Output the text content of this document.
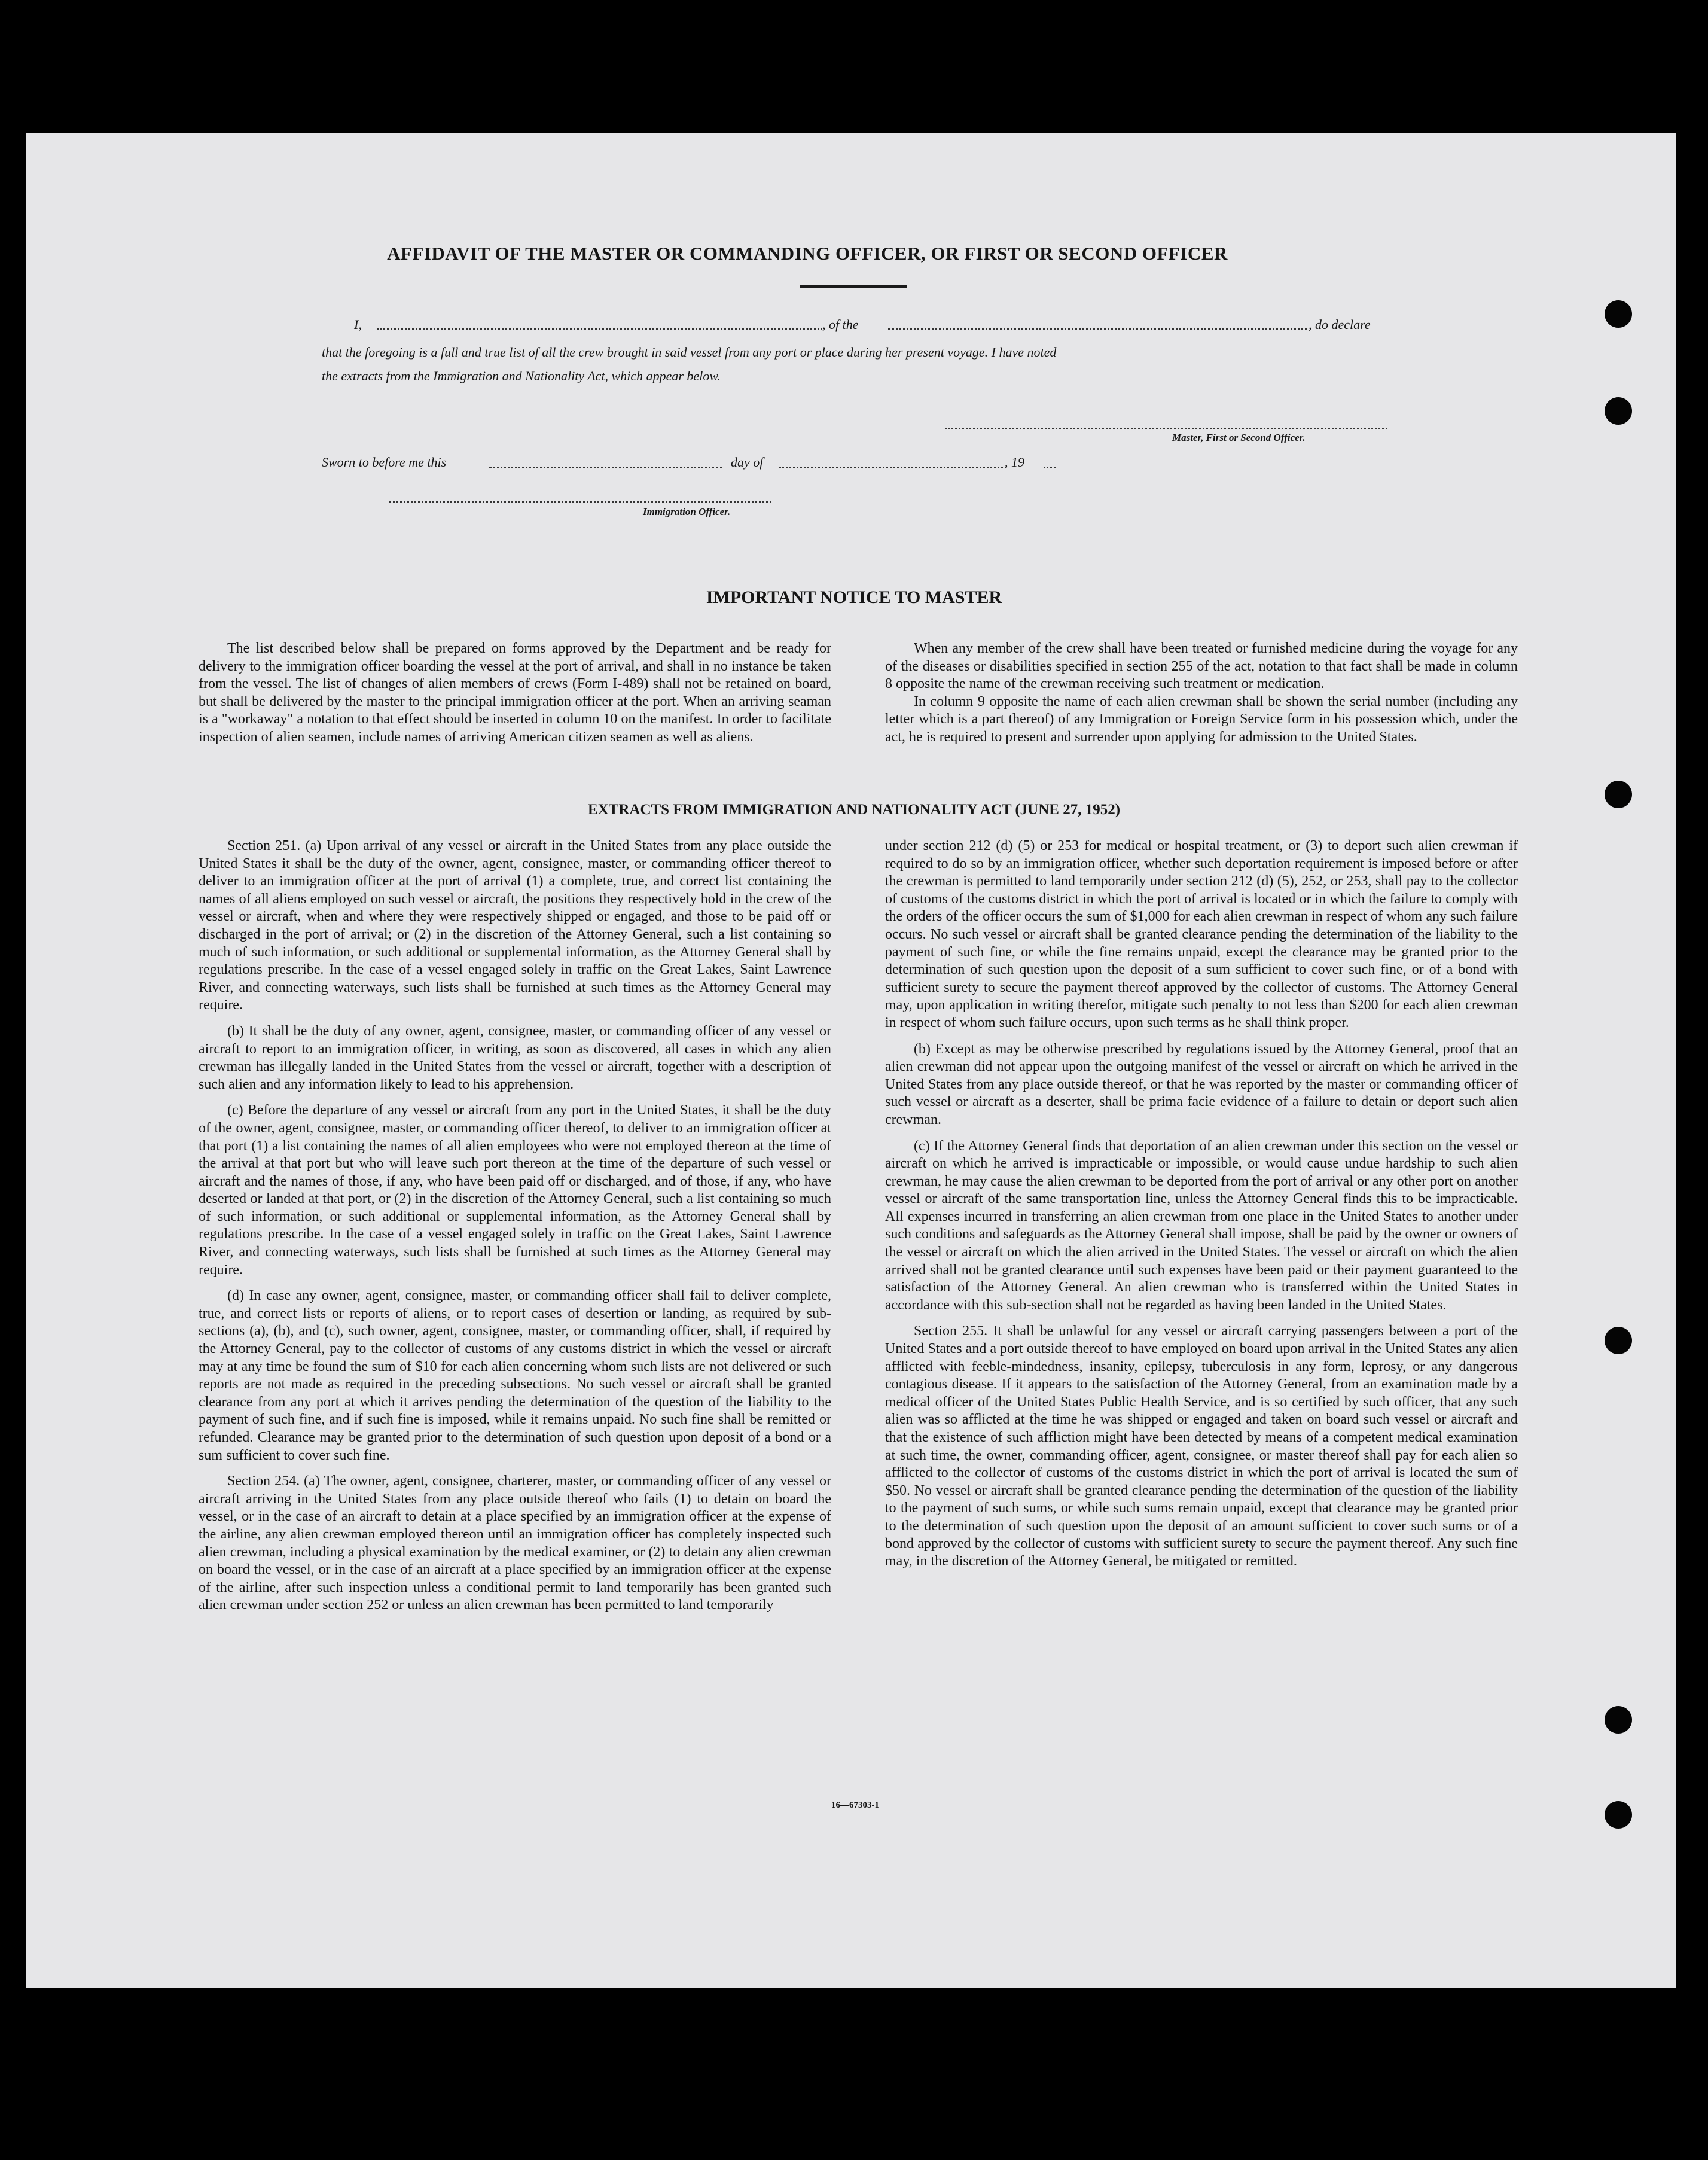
AFFIDAVIT OF THE MASTER OR COMMANDING OFFICER, OR FIRST OR SECOND OFFICER
I,	, of the	, do declare
that the foregoing is a full and true list of all the crew brought in said vessel from any port or place during her present voyage. I have noted
the extracts from the Immigration and Nationality Act, which appear below.
Master, First or Second Officer.
Sworn to before me this	day of	, 19
Immigration Officer.
IMPORTANT NOTICE TO MASTER

The list described below shall be prepared on forms approved by the Department and be ready for delivery to the immigration officer boarding the vessel at the port of arrival, and shall in no instance be taken from the vessel. The list of changes of alien members of crews (Form I-489) shall not be retained on board, but shall be delivered by the master to the principal immigration officer at the port. When an arriving seaman is a "workaway" a notation to that effect should be inserted in column 10 on the manifest. In order to facilitate inspection of alien seamen, include names of arriving American citizen seamen as well as aliens.

When any member of the crew shall have been treated or furnished medicine during the voyage for any of the diseases or disabilities specified in section 255 of the act, notation to that fact shall be made in column 8 opposite the name of the crewman receiving such treatment or medication.

In column 9 opposite the name of each alien crewman shall be shown the serial number (including any letter which is a part thereof) of any Immigration or Foreign Service form in his possession which, under the act, he is required to present and surrender upon applying for admission to the United States.

EXTRACTS FROM IMMIGRATION AND NATIONALITY ACT (JUNE 27, 1952)

Section 251. (a) Upon arrival of any vessel or aircraft in the United States from any place outside the United States it shall be the duty of the owner, agent, consignee, master, or commanding officer thereof to deliver to an immigration officer at the port of arrival (1) a complete, true, and correct list containing the names of all aliens employed on such vessel or aircraft, the positions they respectively hold in the crew of the vessel or aircraft, when and where they were respectively shipped or engaged, and those to be paid off or discharged in the port of arrival; or (2) in the discretion of the Attorney General, such a list containing so much of such information, or such additional or supplemental information, as the Attorney General shall by regulations prescribe. In the case of a vessel engaged solely in traffic on the Great Lakes, Saint Lawrence River, and connecting waterways, such lists shall be furnished at such times as the Attorney General may require.

(b) It shall be the duty of any owner, agent, consignee, master, or commanding officer of any vessel or aircraft to report to an immigration officer, in writing, as soon as discovered, all cases in which any alien crewman has illegally landed in the United States from the vessel or aircraft, together with a description of such alien and any information likely to lead to his apprehension.

(c) Before the departure of any vessel or aircraft from any port in the United States, it shall be the duty of the owner, agent, consignee, master, or commanding officer thereof, to deliver to an immigration officer at that port (1) a list containing the names of all alien employees who were not employed thereon at the time of the arrival at that port but who will leave such port thereon at the time of the departure of such vessel or aircraft and the names of those, if any, who have been paid off or discharged, and of those, if any, who have deserted or landed at that port, or (2) in the discretion of the Attorney General, such a list containing so much of such information, or such additional or supplemental information, as the Attorney General shall by regulations prescribe. In the case of a vessel engaged solely in traffic on the Great Lakes, Saint Lawrence River, and connecting waterways, such lists shall be furnished at such times as the Attorney General may require.

(d) In case any owner, agent, consignee, master, or commanding officer shall fail to deliver complete, true, and correct lists or reports of aliens, or to report cases of desertion or landing, as required by sub-sections (a), (b), and (c), such owner, agent, consignee, master, or commanding officer, shall, if required by the Attorney General, pay to the collector of customs of any customs district in which the vessel or aircraft may at any time be found the sum of $10 for each alien concerning whom such lists are not delivered or such reports are not made as required in the preceding subsections. No such vessel or aircraft shall be granted clearance from any port at which it arrives pending the determination of the question of the liability to the payment of such fine, and if such fine is imposed, while it remains unpaid. No such fine shall be remitted or refunded. Clearance may be granted prior to the determination of such question upon deposit of a bond or a sum sufficient to cover such fine.

Section 254. (a) The owner, agent, consignee, charterer, master, or commanding officer of any vessel or aircraft arriving in the United States from any place outside thereof who fails (1) to detain on board the vessel, or in the case of an aircraft to detain at a place specified by an immigration officer at the expense of the airline, any alien crewman employed thereon until an immigration officer has completely inspected such alien crewman, including a physical examination by the medical examiner, or (2) to detain any alien crewman on board the vessel, or in the case of an aircraft at a place specified by an immigration officer at the expense of the airline, after such inspection unless a conditional permit to land temporarily has been granted such alien crewman under section 252 or unless an alien crewman has been permitted to land temporarily

under section 212 (d) (5) or 253 for medical or hospital treatment, or (3) to deport such alien crewman if required to do so by an immigration officer, whether such deportation requirement is imposed before or after the crewman is permitted to land temporarily under section 212 (d) (5), 252, or 253, shall pay to the collector of customs of the customs district in which the port of arrival is located or in which the failure to comply with the orders of the officer occurs the sum of $1,000 for each alien crewman in respect of whom any such failure occurs. No such vessel or aircraft shall be granted clearance pending the determination of the liability to the payment of such fine, or while the fine remains unpaid, except the clearance may be granted prior to the determination of such question upon the deposit of a sum sufficient to cover such fine, or of a bond with sufficient surety to secure the payment thereof approved by the collector of customs. The Attorney General may, upon application in writing therefor, mitigate such penalty to not less than $200 for each alien crewman in respect of whom such failure occurs, upon such terms as he shall think proper.

(b) Except as may be otherwise prescribed by regulations issued by the Attorney General, proof that an alien crewman did not appear upon the outgoing manifest of the vessel or aircraft on which he arrived in the United States from any place outside thereof, or that he was reported by the master or commanding officer of such vessel or aircraft as a deserter, shall be prima facie evidence of a failure to detain or deport such alien crewman.

(c) If the Attorney General finds that deportation of an alien crewman under this section on the vessel or aircraft on which he arrived is impracticable or impossible, or would cause undue hardship to such alien crewman, he may cause the alien crewman to be deported from the port of arrival or any other port on another vessel or aircraft of the same transportation line, unless the Attorney General finds this to be impracticable. All expenses incurred in transferring an alien crewman from one place in the United States to another under such conditions and safeguards as the Attorney General shall impose, shall be paid by the owner or owners of the vessel or aircraft on which the alien arrived in the United States. The vessel or aircraft on which the alien arrived shall not be granted clearance until such expenses have been paid or their payment guaranteed to the satisfaction of the Attorney General. An alien crewman who is transferred within the United States in accordance with this sub-section shall not be regarded as having been landed in the United States.

Section 255. It shall be unlawful for any vessel or aircraft carrying passengers between a port of the United States and a port outside thereof to have employed on board upon arrival in the United States any alien afflicted with feeble-mindedness, insanity, epilepsy, tuberculosis in any form, leprosy, or any dangerous contagious disease. If it appears to the satisfaction of the Attorney General, from an examination made by a medical officer of the United States Public Health Service, and is so certified by such officer, that any such alien was so afflicted at the time he was shipped or engaged and taken on board such vessel or aircraft and that the existence of such affliction might have been detected by means of a competent medical examination at such time, the owner, commanding officer, agent, consignee, or master thereof shall pay for each alien so afflicted to the collector of customs of the customs district in which the port of arrival is located the sum of $50. No vessel or aircraft shall be granted clearance pending the determination of the question of the liability to the payment of such sums, or while such sums remain unpaid, except that clearance may be granted prior to the determination of such question upon the deposit of an amount sufficient to cover such sums or of a bond approved by the collector of customs with sufficient surety to secure the payment thereof. Any such fine may, in the discretion of the Attorney General, be mitigated or remitted.

16—67303-1
